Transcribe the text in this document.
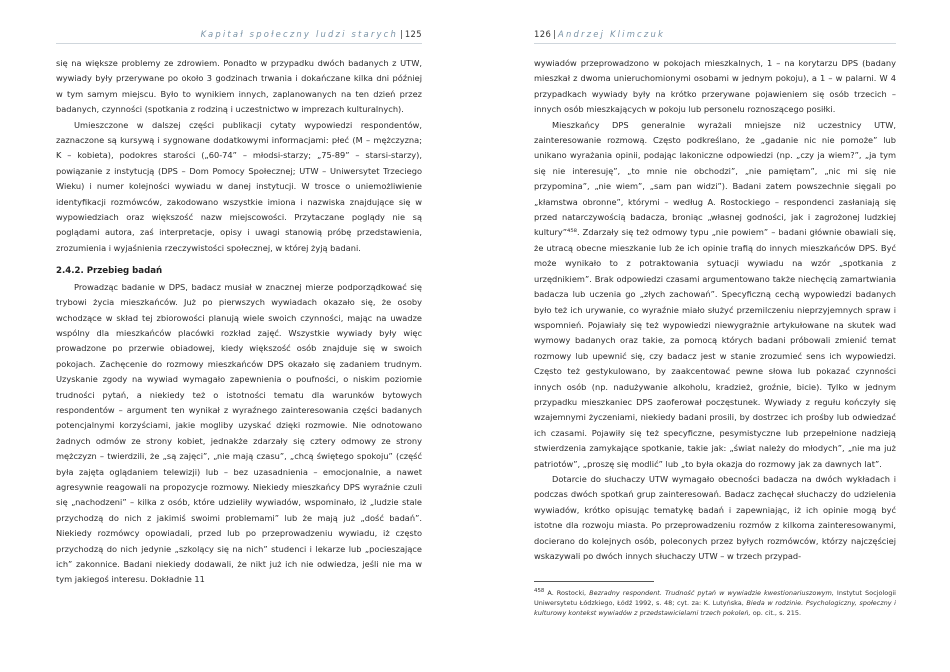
Kapitał społeczny ludzi starych | 125

się na większe problemy ze zdrowiem. Ponadto w przypadku dwóch badanych z UTW, wywiady były przerywane po około 3 godzinach trwania i dokańczane kilka dni później w tym samym miejscu. Było to wynikiem innych, zaplanowanych na ten dzień przez badanych, czynności (spotkania z rodziną i uczestnictwo w imprezach kulturalnych).

Umieszczone w dalszej części publikacji cytaty wypowiedzi respondentów, zaznaczone są kursywą i sygnowane dodatkowymi informacjami: płeć (M – mężczyzna; K – kobieta), podokres starości („60-74” – młodsi-starzy; „75-89” – starsi-starzy), powiązanie z instytucją (DPS – Dom Pomocy Społecznej; UTW – Uniwersytet Trzeciego Wieku) i numer kolejności wywiadu w danej instytucji. W trosce o uniemożliwienie identyfikacji rozmówców, zakodowano wszystkie imiona i nazwiska znajdujące się w wypowiedziach oraz większość nazw miejscowości. Przytaczane poglądy nie są poglądami autora, zaś interpretacje, opisy i uwagi stanowią próbę przedstawienia, zrozumienia i wyjaśnienia rzeczywistości społecznej, w której żyją badani.

2.4.2. Przebieg badań

Prowadząc badanie w DPS, badacz musiał w znacznej mierze podporządkować się trybowi życia mieszkańców. Już po pierwszych wywiadach okazało się, że osoby wchodzące w skład tej zbiorowości planują wiele swoich czynności, mając na uwadze wspólny dla mieszkańców placówki rozkład zajęć. Wszystkie wywiady były więc prowadzone po przerwie obiadowej, kiedy większość osób znajduje się w swoich pokojach. Zachęcenie do rozmowy mieszkańców DPS okazało się zadaniem trudnym. Uzyskanie zgody na wywiad wymagało zapewnienia o poufności, o niskim poziomie trudności pytań, a niekiedy też o istotności tematu dla warunków bytowych respondentów – argument ten wynikał z wyraźnego zainteresowania części badanych potencjalnymi korzyściami, jakie mogliby uzyskać dzięki rozmowie. Nie odnotowano żadnych odmów ze strony kobiet, jednakże zdarzały się cztery odmowy ze strony mężczyzn – twierdzili, że „są zajęci”, „nie mają czasu”, „chcą świętego spokoju” (część była zajęta oglądaniem telewizji) lub – bez uzasadnienia – emocjonalnie, a nawet agresywnie reagowali na propozycje rozmowy. Niekiedy mieszkańcy DPS wyraźnie czuli się „nachodzeni” – kilka z osób, które udzieliły wywiadów, wspominało, iż „ludzie stale przychodzą do nich z jakimiś swoimi problemami” lub że mają już „dość badań”. Niekiedy rozmówcy opowiadali, przed lub po przeprowadzeniu wywiadu, iż często przychodzą do nich jedynie „szkolący się na nich” studenci i lekarze lub „pocieszające ich” zakonnice. Badani niekiedy dodawali, że nikt już ich nie odwiedza, jeśli nie ma w tym jakiegoś interesu. Dokładnie 11

126 | Andrzej Klimczuk

wywiadów przeprowadzono w pokojach mieszkalnych, 1 – na korytarzu DPS (badany mieszkał z dwoma unieruchomionymi osobami w jednym pokoju), a 1 – w palarni. W 4 przypadkach wywiady były na krótko przerywane pojawieniem się osób trzecich – innych osób mieszkających w pokoju lub personelu roznoszącego posiłki.

Mieszkańcy DPS generalnie wyrażali mniejsze niż uczestnicy UTW, zainteresowanie rozmową. Często podkreślano, że „gadanie nic nie pomoże” lub unikano wyrażania opinii, podając lakoniczne odpowiedzi (np. „czy ja wiem?”, „ja tym się nie interesuję”, „to mnie nie obchodzi”, „nie pamiętam”, „nic mi się nie przypomina”, „nie wiem”, „sam pan widzi”). Badani zatem powszechnie sięgali po „kłamstwa obronne”, którymi – według A. Rostockiego – respondenci zasłaniają się przed natarczywością badacza, broniąc „własnej godności, jak i zagrożonej ludzkiej kultury”⁴⁵⁸. Zdarzały się też odmowy typu „nie powiem” – badani głównie obawiali się, że utracą obecne mieszkanie lub że ich opinie trafią do innych mieszkańców DPS. Być może wynikało to z potraktowania sytuacji wywiadu na wzór „spotkania z urzędnikiem”. Brak odpowiedzi czasami argumentowano także niechęcią zamartwiania badacza lub uczenia go „złych zachowań”. Specyficzną cechą wypowiedzi badanych było też ich urywanie, co wyraźnie miało służyć przemilczeniu nieprzyjemnych spraw i wspomnień. Pojawiały się też wypowiedzi niewygrażnie artykułowane na skutek wad wymowy badanych oraz takie, za pomocą których badani próbowali zmienić temat rozmowy lub upewnić się, czy badacz jest w stanie zrozumieć sens ich wypowiedzi. Często też gestykulowano, by zaakcentować pewne słowa lub pokazać czynności innych osób (np. nadużywanie alkoholu, kradzież, groźnie, bicie). Tylko w jednym przypadku mieszkaniec DPS zaoferował poczęstunek. Wywiady z regułu kończyły się wzajemnymi życzeniami, niekiedy badani prosili, by dostrzec ich prośby lub odwiedzać ich czasami. Pojawiły się też specyficzne, pesymistyczne lub przepełnione nadzieją stwierdzenia zamykające spotkanie, takie jak: „świat należy do młodych”, „nie ma już patriotów”, „proszę się modlić” lub „to była okazja do rozmowy jak za dawnych lat”.

Dotarcie do słuchaczy UTW wymagało obecności badacza na dwóch wykładach i podczas dwóch spotkań grup zainteresowań. Badacz zachęcał słuchaczy do udzielenia wywiadów, krótko opisując tematykę badań i zapewniając, iż ich opinie mogą być istotne dla rozwoju miasta. Po przeprowadzeniu rozmów z kilkoma zainteresowanymi, docierano do kolejnych osób, poleconych przez byłych rozmówców, którzy najczęściej wskazywali po dwóch innych słuchaczy UTW – w trzech przypad-

$^{458}$ A. Rostocki, Bezradny respondent. Trudność pytań w wywiadzie kwestionariuszowym, Instytut Socjologii Uniwersytetu Łódzkiego, Łódź 1992, s. 48; cyt. za: K. Lutyńska, Bieda w rodzinie. Psychologiczny, społeczny i kulturowy kontekst wywiadów z przedstawicielami trzech pokoleń, op. cit., s. 215.
